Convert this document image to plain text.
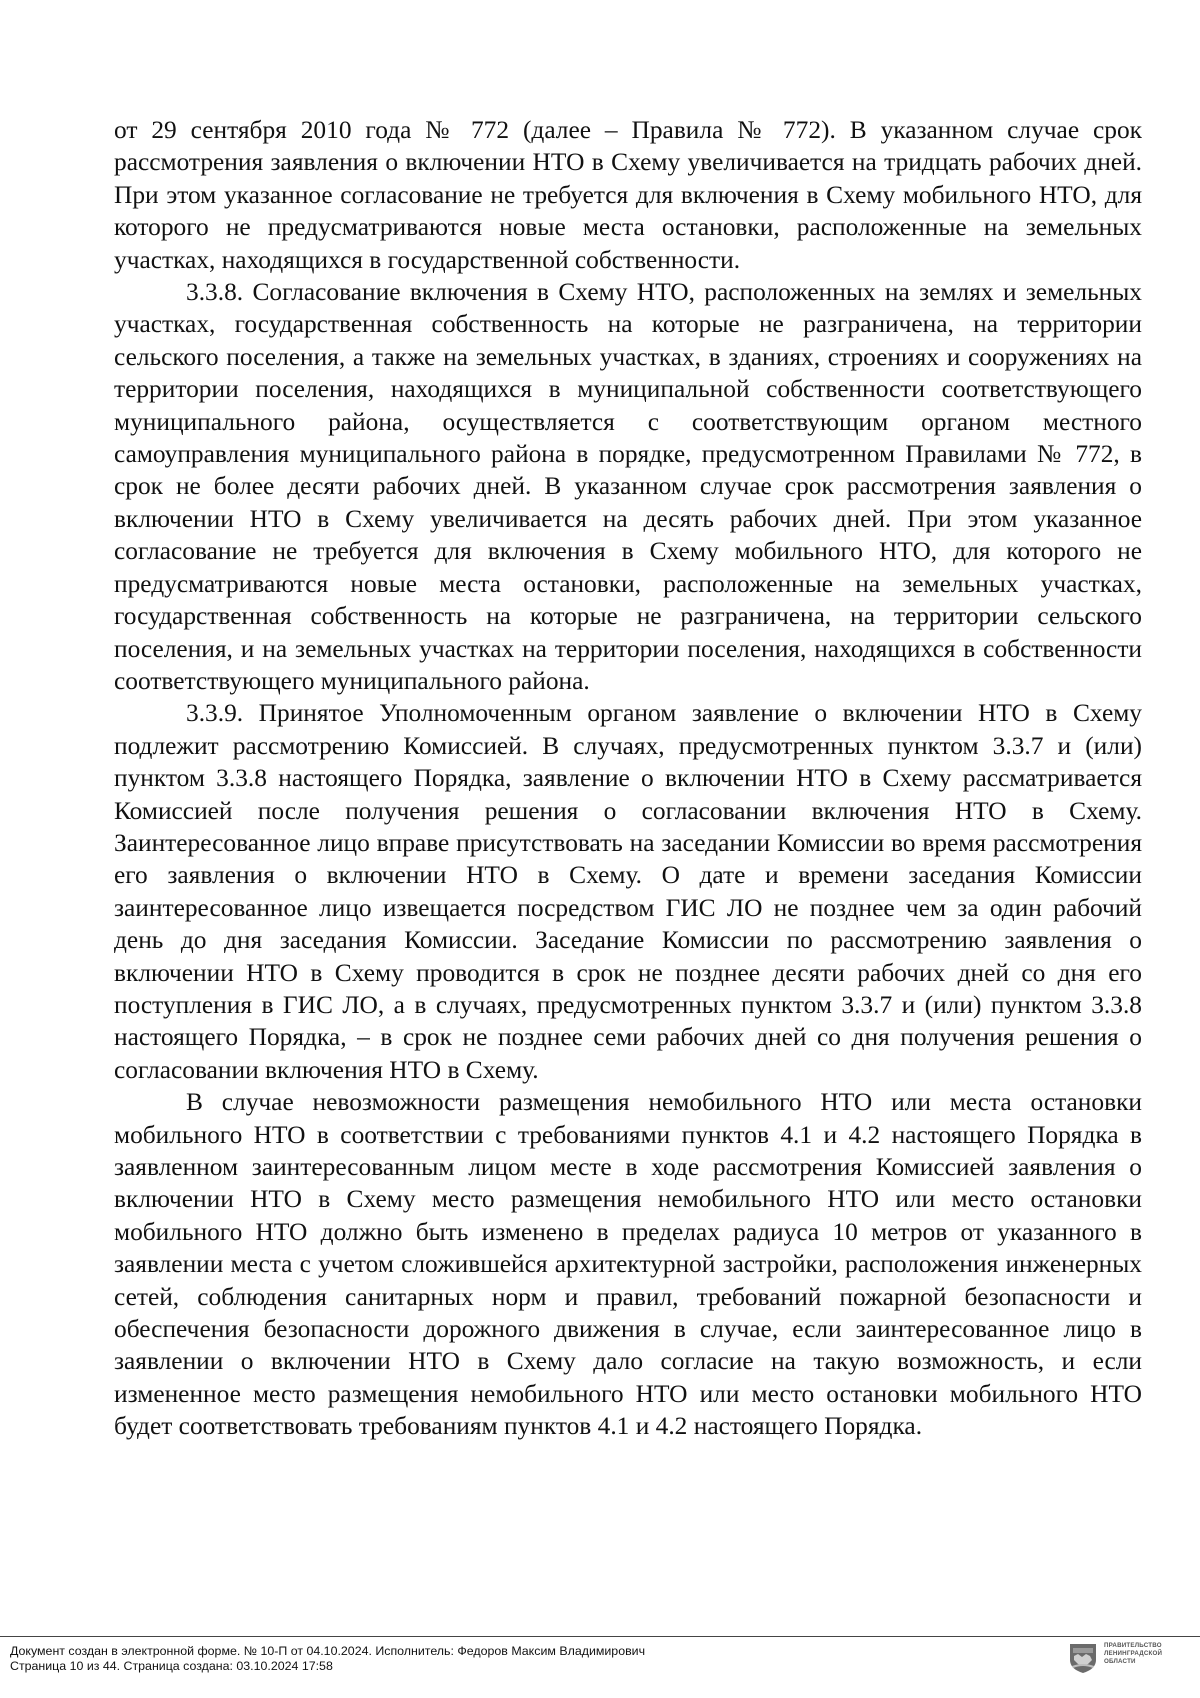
от 29 сентября 2010 года № 772 (далее – Правила № 772). В указанном случае срок рассмотрения заявления о включении НТО в Схему увеличивается на тридцать рабочих дней. При этом указанное согласование не требуется для включения в Схему мобильного НТО, для которого не предусматриваются новые места остановки, расположенные на земельных участках, находящихся в государственной собственности.

3.3.8. Согласование включения в Схему НТО, расположенных на землях и земельных участках, государственная собственность на которые не разграничена, на территории сельского поселения, а также на земельных участках, в зданиях, строениях и сооружениях на территории поселения, находящихся в муниципальной собственности соответствующего муниципального района, осуществляется с соответствующим органом местного самоуправления муниципального района в порядке, предусмотренном Правилами № 772, в срок не более десяти рабочих дней. В указанном случае срок рассмотрения заявления о включении НТО в Схему увеличивается на десять рабочих дней. При этом указанное согласование не требуется для включения в Схему мобильного НТО, для которого не предусматриваются новые места остановки, расположенные на земельных участках, государственная собственность на которые не разграничена, на территории сельского поселения, и на земельных участках на территории поселения, находящихся в собственности соответствующего муниципального района.

3.3.9. Принятое Уполномоченным органом заявление о включении НТО в Схему подлежит рассмотрению Комиссией. В случаях, предусмотренных пунктом 3.3.7 и (или) пунктом 3.3.8 настоящего Порядка, заявление о включении НТО в Схему рассматривается Комиссией после получения решения о согласовании включения НТО в Схему. Заинтересованное лицо вправе присутствовать на заседании Комиссии во время рассмотрения его заявления о включении НТО в Схему. О дате и времени заседания Комиссии заинтересованное лицо извещается посредством ГИС ЛО не позднее чем за один рабочий день до дня заседания Комиссии. Заседание Комиссии по рассмотрению заявления о включении НТО в Схему проводится в срок не позднее десяти рабочих дней со дня его поступления в ГИС ЛО, а в случаях, предусмотренных пунктом 3.3.7 и (или) пунктом 3.3.8 настоящего Порядка, – в срок не позднее семи рабочих дней со дня получения решения о согласовании включения НТО в Схему.

В случае невозможности размещения немобильного НТО или места остановки мобильного НТО в соответствии с требованиями пунктов 4.1 и 4.2 настоящего Порядка в заявленном заинтересованным лицом месте в ходе рассмотрения Комиссией заявления о включении НТО в Схему место размещения немобильного НТО или место остановки мобильного НТО должно быть изменено в пределах радиуса 10 метров от указанного в заявлении места с учетом сложившейся архитектурной застройки, расположения инженерных сетей, соблюдения санитарных норм и правил, требований пожарной безопасности и обеспечения безопасности дорожного движения в случае, если заинтересованное лицо в заявлении о включении НТО в Схему дало согласие на такую возможность, и если измененное место размещения немобильного НТО или место остановки мобильного НТО будет соответствовать требованиям пунктов 4.1 и 4.2 настоящего Порядка.

Документ создан в электронной форме. № 10-П от 04.10.2024. Исполнитель: Федоров Максим Владимирович
Страница 10 из 44. Страница создана: 03.10.2024 17:58
ПРАВИТЕЛЬСТВО
ЛЕНИНГРАДСКОЙ
ОБЛАСТИ
